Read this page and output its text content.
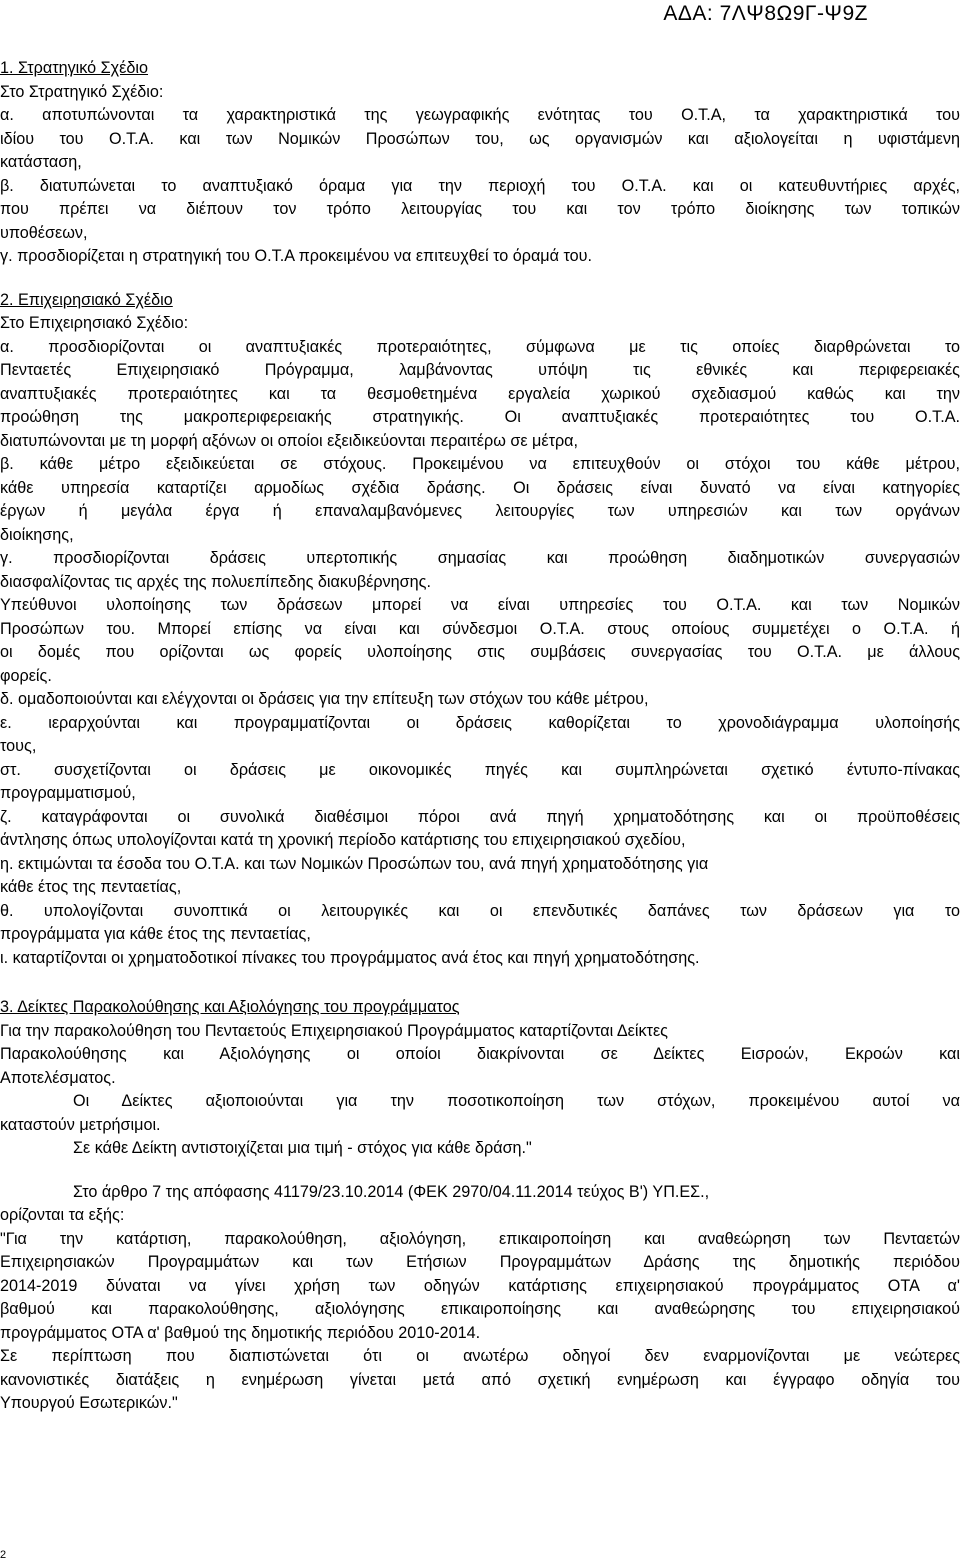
ΑΔΑ: 7ΛΨ8Ω9Γ-Ψ9Ζ
1. Στρατηγικό Σχέδιο
Στο Στρατηγικό Σχέδιο:
α. αποτυπώνονται τα χαρακτηριστικά της γεωγραφικής ενότητας του Ο.Τ.Α, τα χαρακτηριστικά του
ιδίου του Ο.Τ.Α. και των Νομικών Προσώπων του, ως οργανισμών και αξιολογείται η υφιστάμενη
κατάσταση,
β. διατυπώνεται το αναπτυξιακό όραμα για την περιοχή του Ο.Τ.Α. και οι κατευθυντήριες αρχές,
που πρέπει να διέπουν τον τρόπο λειτουργίας του και τον τρόπο διοίκησης των τοπικών
υποθέσεων,
γ. προσδιορίζεται η στρατηγική του Ο.Τ.Α προκειμένου να επιτευχθεί το όραμά του.
2. Επιχειρησιακό Σχέδιο
Στο Επιχειρησιακό Σχέδιο:
α. προσδιορίζονται οι αναπτυξιακές προτεραιότητες, σύμφωνα με τις οποίες διαρθρώνεται το
Πενταετές Επιχειρησιακό Πρόγραμμα, λαμβάνοντας υπόψη τις εθνικές και περιφερειακές
αναπτυξιακές προτεραιότητες και τα θεσμοθετημένα εργαλεία χωρικού σχεδιασμού καθώς και την
προώθηση της μακροπεριφερειακής στρατηγικής. Οι αναπτυξιακές προτεραιότητες του Ο.Τ.Α.
διατυπώνονται με τη μορφή αξόνων οι οποίοι εξειδικεύονται περαιτέρω σε μέτρα,
β. κάθε μέτρο εξειδικεύεται σε στόχους. Προκειμένου να επιτευχθούν οι στόχοι του κάθε μέτρου,
κάθε υπηρεσία καταρτίζει αρμοδίως σχέδια δράσης. Οι δράσεις είναι δυνατό να είναι κατηγορίες
έργων ή μεγάλα έργα ή επαναλαμβανόμενες λειτουργίες των υπηρεσιών και των οργάνων
διοίκησης,
γ. προσδιορίζονται δράσεις υπερτοπικής σημασίας και προώθηση διαδημοτικών συνεργασιών
διασφαλίζοντας τις αρχές της πολυεπίπεδης διακυβέρνησης.
Υπεύθυνοι υλοποίησης των δράσεων μπορεί να είναι υπηρεσίες του Ο.Τ.Α. και των Νομικών
Προσώπων του. Μπορεί επίσης να είναι και σύνδεσμοι Ο.Τ.Α. στους οποίους συμμετέχει ο Ο.Τ.Α. ή
οι δομές που ορίζονται ως φορείς υλοποίησης στις συμβάσεις συνεργασίας του Ο.Τ.Α. με άλλους
φορείς.
δ. ομαδοποιούνται και ελέγχονται οι δράσεις για την επίτευξη των στόχων του κάθε μέτρου,
ε. ιεραρχούνται και προγραμματίζονται οι δράσεις καθορίζεται το χρονοδιάγραμμα υλοποίησής
τους,
στ. συσχετίζονται οι δράσεις με οικονομικές πηγές και συμπληρώνεται σχετικό έντυπο-πίνακας
προγραμματισμού,
ζ. καταγράφονται οι συνολικά διαθέσιμοι πόροι ανά πηγή χρηματοδότησης και οι προϋποθέσεις
άντλησης όπως υπολογίζονται κατά τη χρονική περίοδο κατάρτισης του επιχειρησιακού σχεδίου,
η. εκτιμώνται τα έσοδα του Ο.Τ.Α. και των Νομικών Προσώπων του, ανά πηγή χρηματοδότησης για
κάθε έτος της πενταετίας,
θ. υπολογίζονται συνοπτικά οι λειτουργικές και οι επενδυτικές δαπάνες των δράσεων για το
προγράμματα για κάθε έτος της πενταετίας,
ι. καταρτίζονται οι χρηματοδοτικοί πίνακες του προγράμματος ανά έτος και πηγή χρηματοδότησης.
3. Δείκτες Παρακολούθησης και Αξιολόγησης του προγράμματος
Για την παρακολούθηση του Πενταετούς Επιχειρησιακού Προγράμματος καταρτίζονται Δείκτες
Παρακολούθησης και Αξιολόγησης οι οποίοι διακρίνονται σε Δείκτες Εισροών, Εκροών και
Αποτελέσματος.
Οι Δείκτες αξιοποιούνται για την ποσοτικοποίηση των στόχων, προκειμένου αυτοί να
καταστούν μετρήσιμοι.
Σε κάθε Δείκτη αντιστοιχίζεται μια τιμή - στόχος για κάθε δράση."
Στο άρθρο 7 της απόφασης 41179/23.10.2014 (ΦΕΚ 2970/04.11.2014 τεύχος Β') ΥΠ.ΕΣ.,
ορίζονται τα εξής:
"Για την κατάρτιση, παρακολούθηση, αξιολόγηση, επικαιροποίηση και αναθεώρηση των Πενταετών
Επιχειρησιακών Προγραμμάτων και των Ετήσιων Προγραμμάτων Δράσης της δημοτικής περιόδου
2014-2019 δύναται να γίνει χρήση των οδηγών κατάρτισης επιχειρησιακού προγράμματος ΟΤΑ α'
βαθμού και παρακολούθησης, αξιολόγησης επικαιροποίησης και αναθεώρησης του επιχειρησιακού
προγράμματος ΟΤΑ α' βαθμού της δημοτικής περιόδου 2010-2014.
Σε περίπτωση που διαπιστώνεται ότι οι ανωτέρω οδηγοί δεν εναρμονίζονται με νεώτερες
κανονιστικές διατάξεις η ενημέρωση γίνεται μετά από σχετική ενημέρωση και έγγραφο οδηγία του
Υπουργού Εσωτερικών."
2
